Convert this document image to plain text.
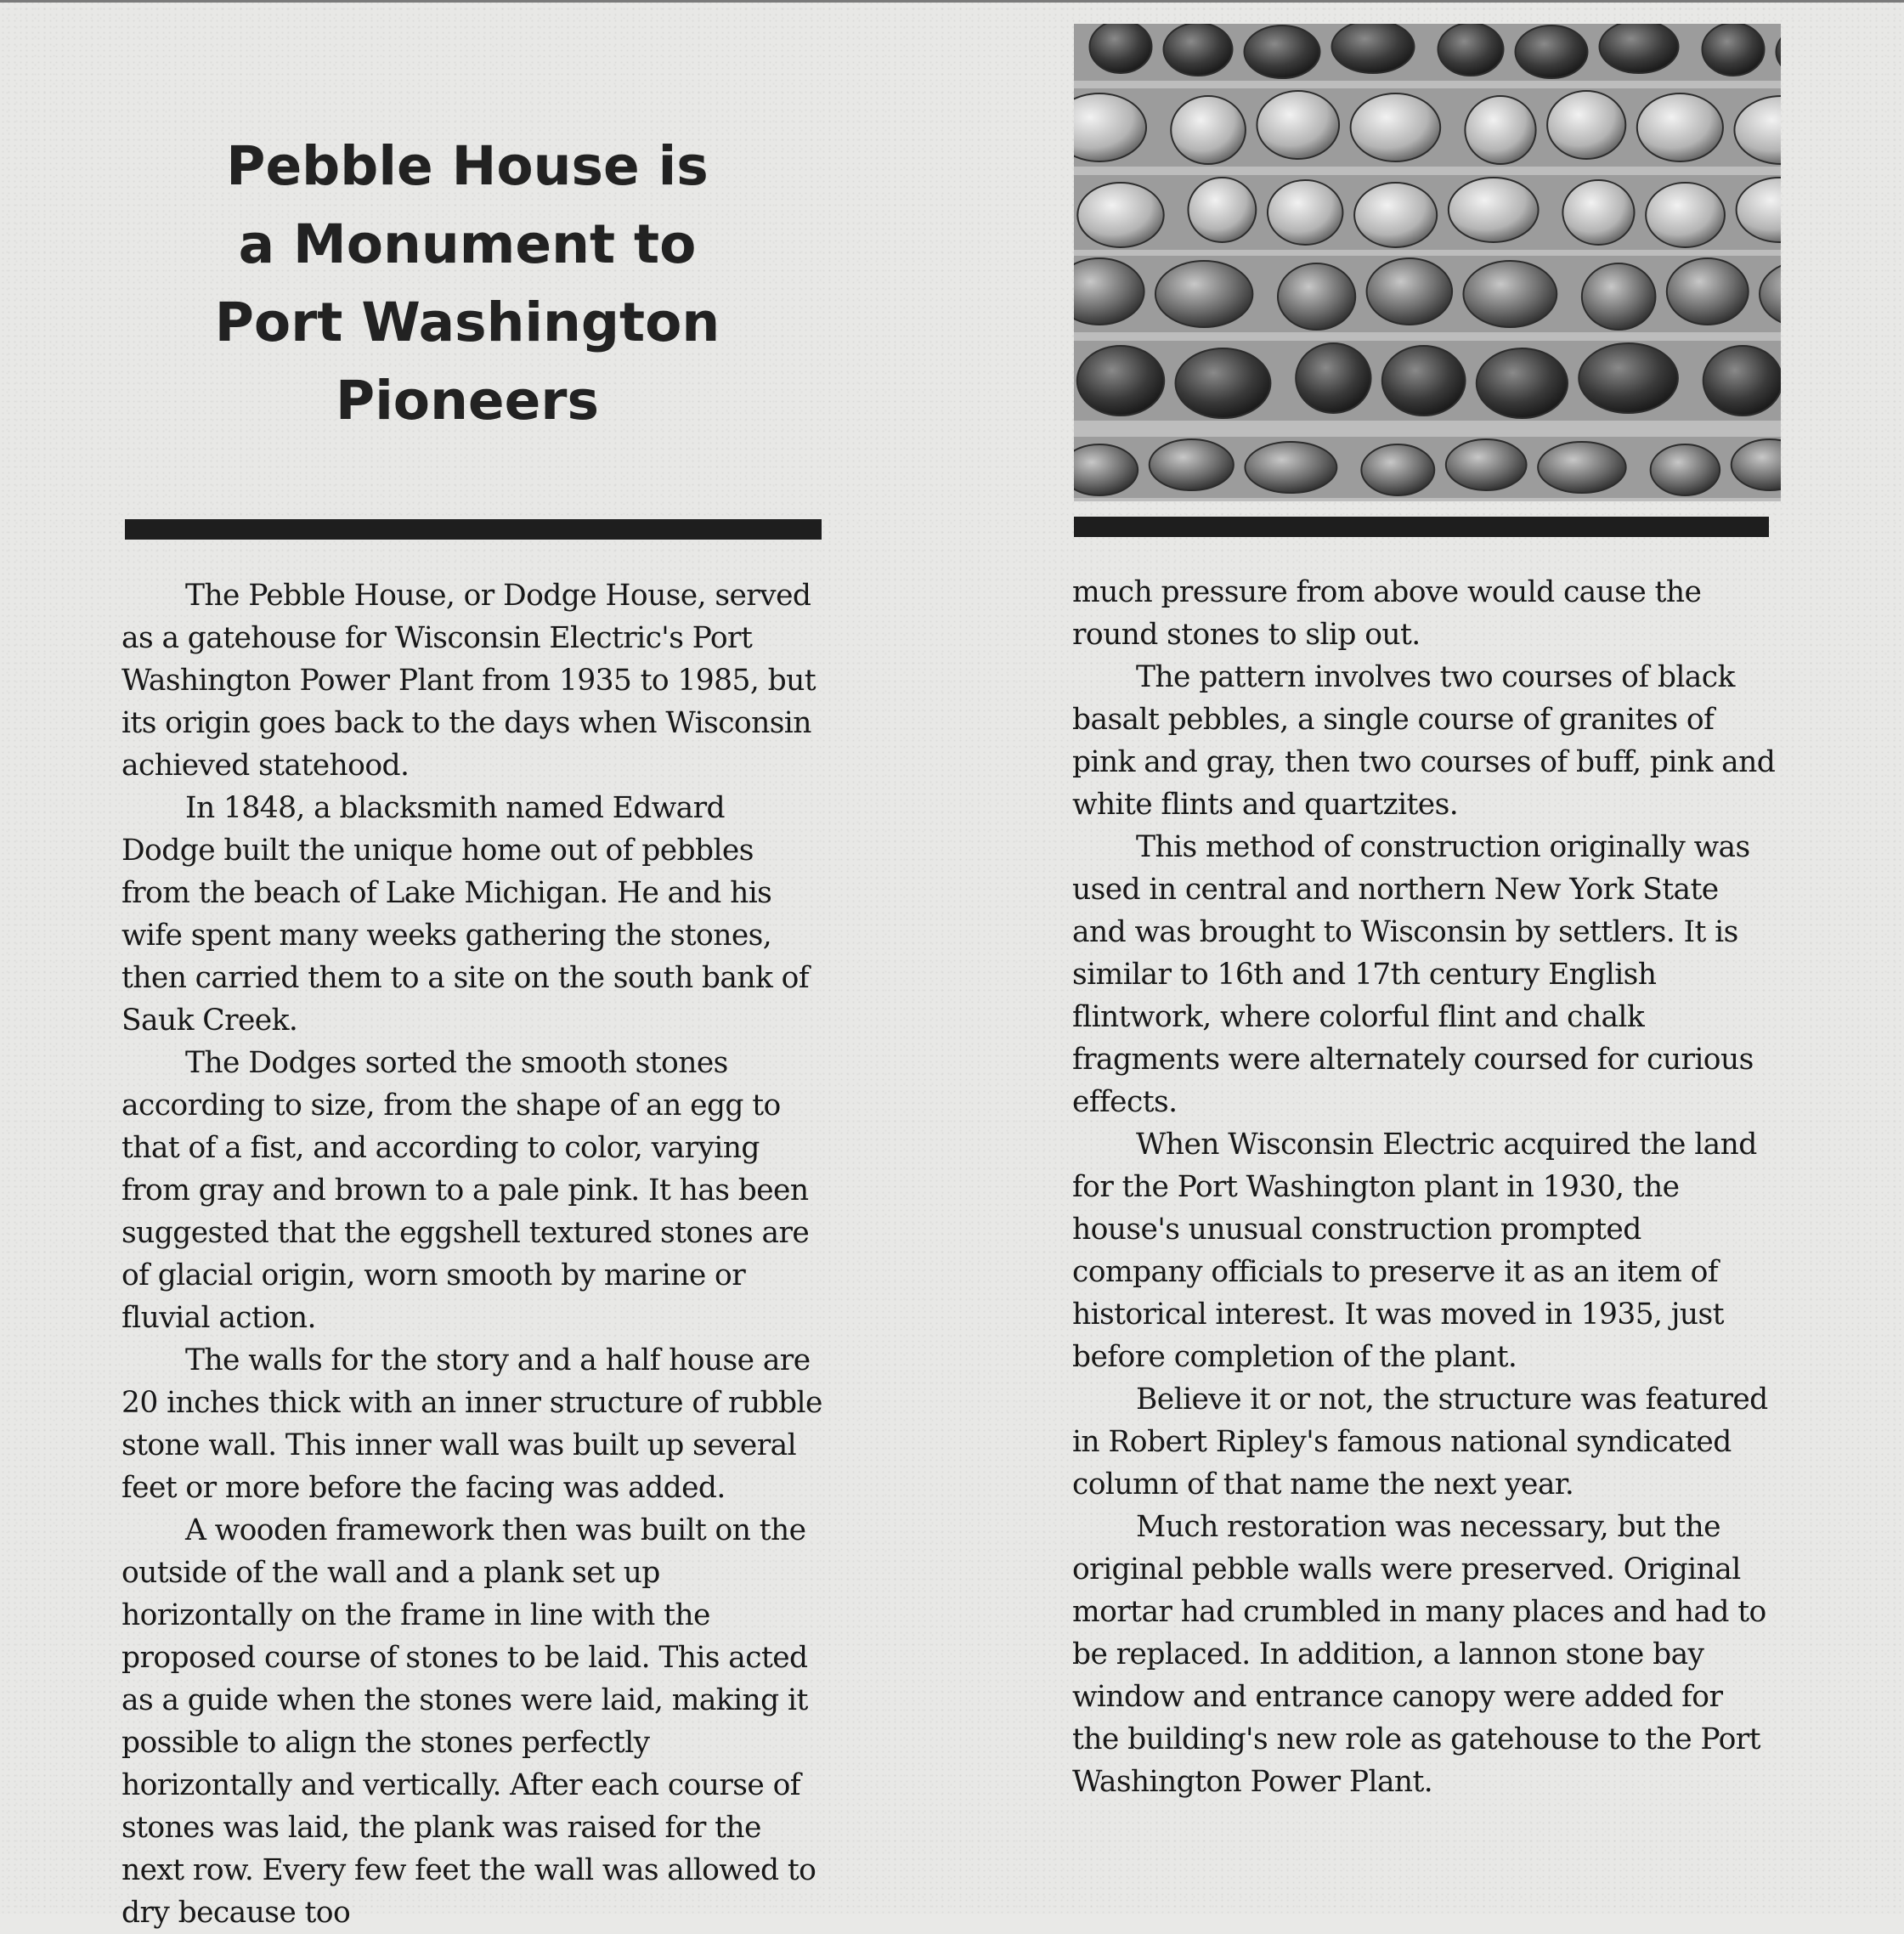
Pebble House is
a Monument to
Port Washington
Pioneers

The Pebble House, or Dodge House, served as a gatehouse for Wisconsin Electric's Port Washington Power Plant from 1935 to 1985, but its origin goes back to the days when Wisconsin achieved statehood.

In 1848, a blacksmith named Edward Dodge built the unique home out of pebbles from the beach of Lake Michigan. He and his wife spent many weeks gathering the stones, then carried them to a site on the south bank of Sauk Creek.

The Dodges sorted the smooth stones according to size, from the shape of an egg to that of a fist, and according to color, varying from gray and brown to a pale pink. It has been suggested that the eggshell textured stones are of glacial origin, worn smooth by marine or fluvial action.

The walls for the story and a half house are 20 inches thick with an inner structure of rubble stone wall. This inner wall was built up several feet or more before the facing was added.

A wooden framework then was built on the outside of the wall and a plank set up horizontally on the frame in line with the proposed course of stones to be laid. This acted as a guide when the stones were laid, making it possible to align the stones perfectly horizontally and vertically. After each course of stones was laid, the plank was raised for the next row. Every few feet the wall was allowed to dry because too

much pressure from above would cause the round stones to slip out.

The pattern involves two courses of black basalt pebbles, a single course of granites of pink and gray, then two courses of buff, pink and white flints and quartzites.

This method of construction originally was used in central and northern New York State and was brought to Wisconsin by settlers. It is similar to 16th and 17th century English flintwork, where colorful flint and chalk fragments were alternately coursed for curious effects.

When Wisconsin Electric acquired the land for the Port Washington plant in 1930, the house's unusual construction prompted company officials to preserve it as an item of historical interest. It was moved in 1935, just before completion of the plant.

Believe it or not, the structure was featured in Robert Ripley's famous national syndicated column of that name the next year.

Much restoration was necessary, but the original pebble walls were preserved. Original mortar had crumbled in many places and had to be replaced. In addition, a lannon stone bay window and entrance canopy were added for the building's new role as gatehouse to the Port Washington Power Plant.
